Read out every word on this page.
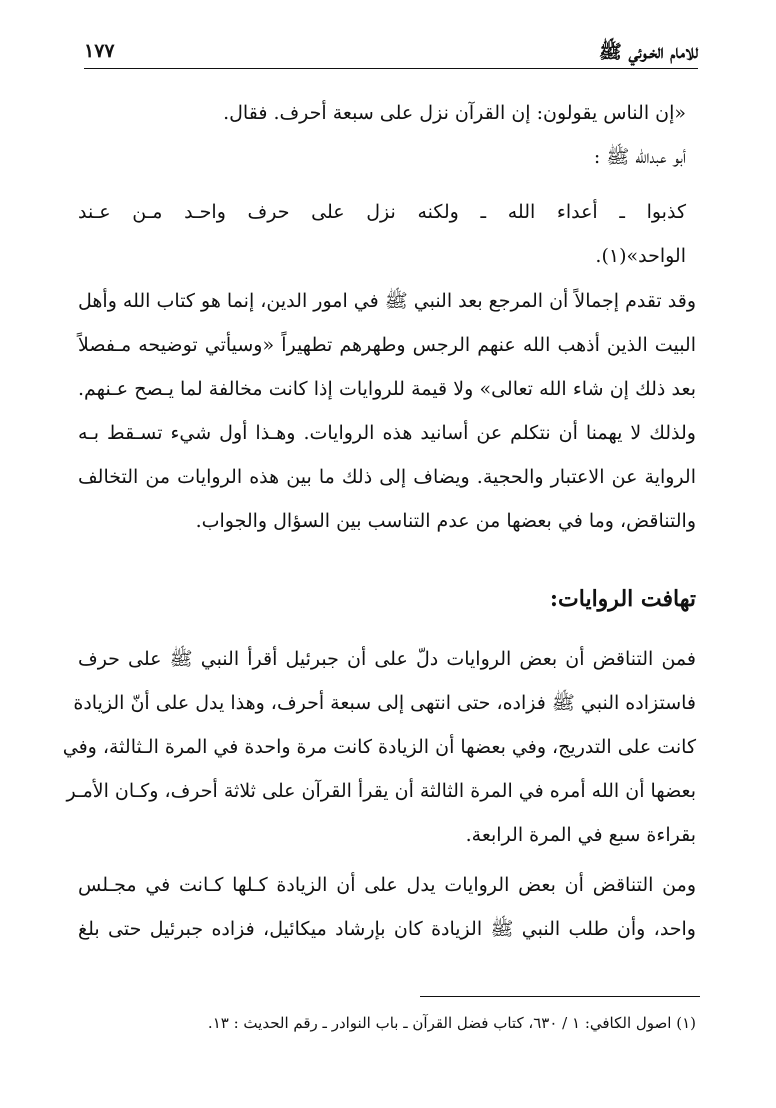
للامام الخـوئي ﷺ
١٧٧
«إن الناس يقولون: إن القرآن نزل على سبعة أحرف. فقال.
أبو عبدالله ﷺ :
كذبوا ـ أعداء الله ـ ولكنه نزل على حرف واحـد مـن عـند
الواحد»(١).
وقد تقدم إجمالاً أن المرجع بعد النبي ﷺ في امور الدين، إنما هو كتاب الله وأهل
البيت الذين أذهب الله عنهم الرجس وطهرهم تطهيراً «وسيأتي توضيحه مـفصلاً
بعد ذلك إن شاء الله تعالى» ولا قيمة للروايات إذا كانت مخالفة لما يـصح عـنهم.
ولذلك لا يهمنا أن نتكلم عن أسانيد هذه الروايات. وهـذا أول شيء تسـقط بـه
الرواية عن الاعتبار والحجية. ويضاف إلى ذلك ما بين هذه الروايات من التخالف
والتناقض، وما في بعضها من عدم التناسب بين السؤال والجواب.
تهافت الروايات:
فمن التناقض أن بعض الروايات دلّ على أن جبرئيل أقرأ النبي ﷺ على حرف
فاستزاده النبي ﷺ فزاده، حتى انتهى إلى سبعة أحرف، وهذا يدل على أنّ الزيادة
كانت على التدريج، وفي بعضها أن الزيادة كانت مرة واحدة في المرة الـثالثة، وفي
بعضها أن الله أمره في المرة الثالثة أن يقرأ القرآن على ثلاثة أحرف، وكـان الأمـر
بقراءة سبع في المرة الرابعة.
ومن التناقض أن بعض الروايات يدل على أن الزيادة كـلها كـانت في مجـلس
واحد، وأن طلب النبي ﷺ الزيادة كان بإرشاد ميكائيل، فزاده جبرئيل حتى بلغ
(١) اصول الكافي: ١ / ٦٣٠، كتاب فضل القرآن ـ باب النوادر ـ رقم الحديث : ١٣.
